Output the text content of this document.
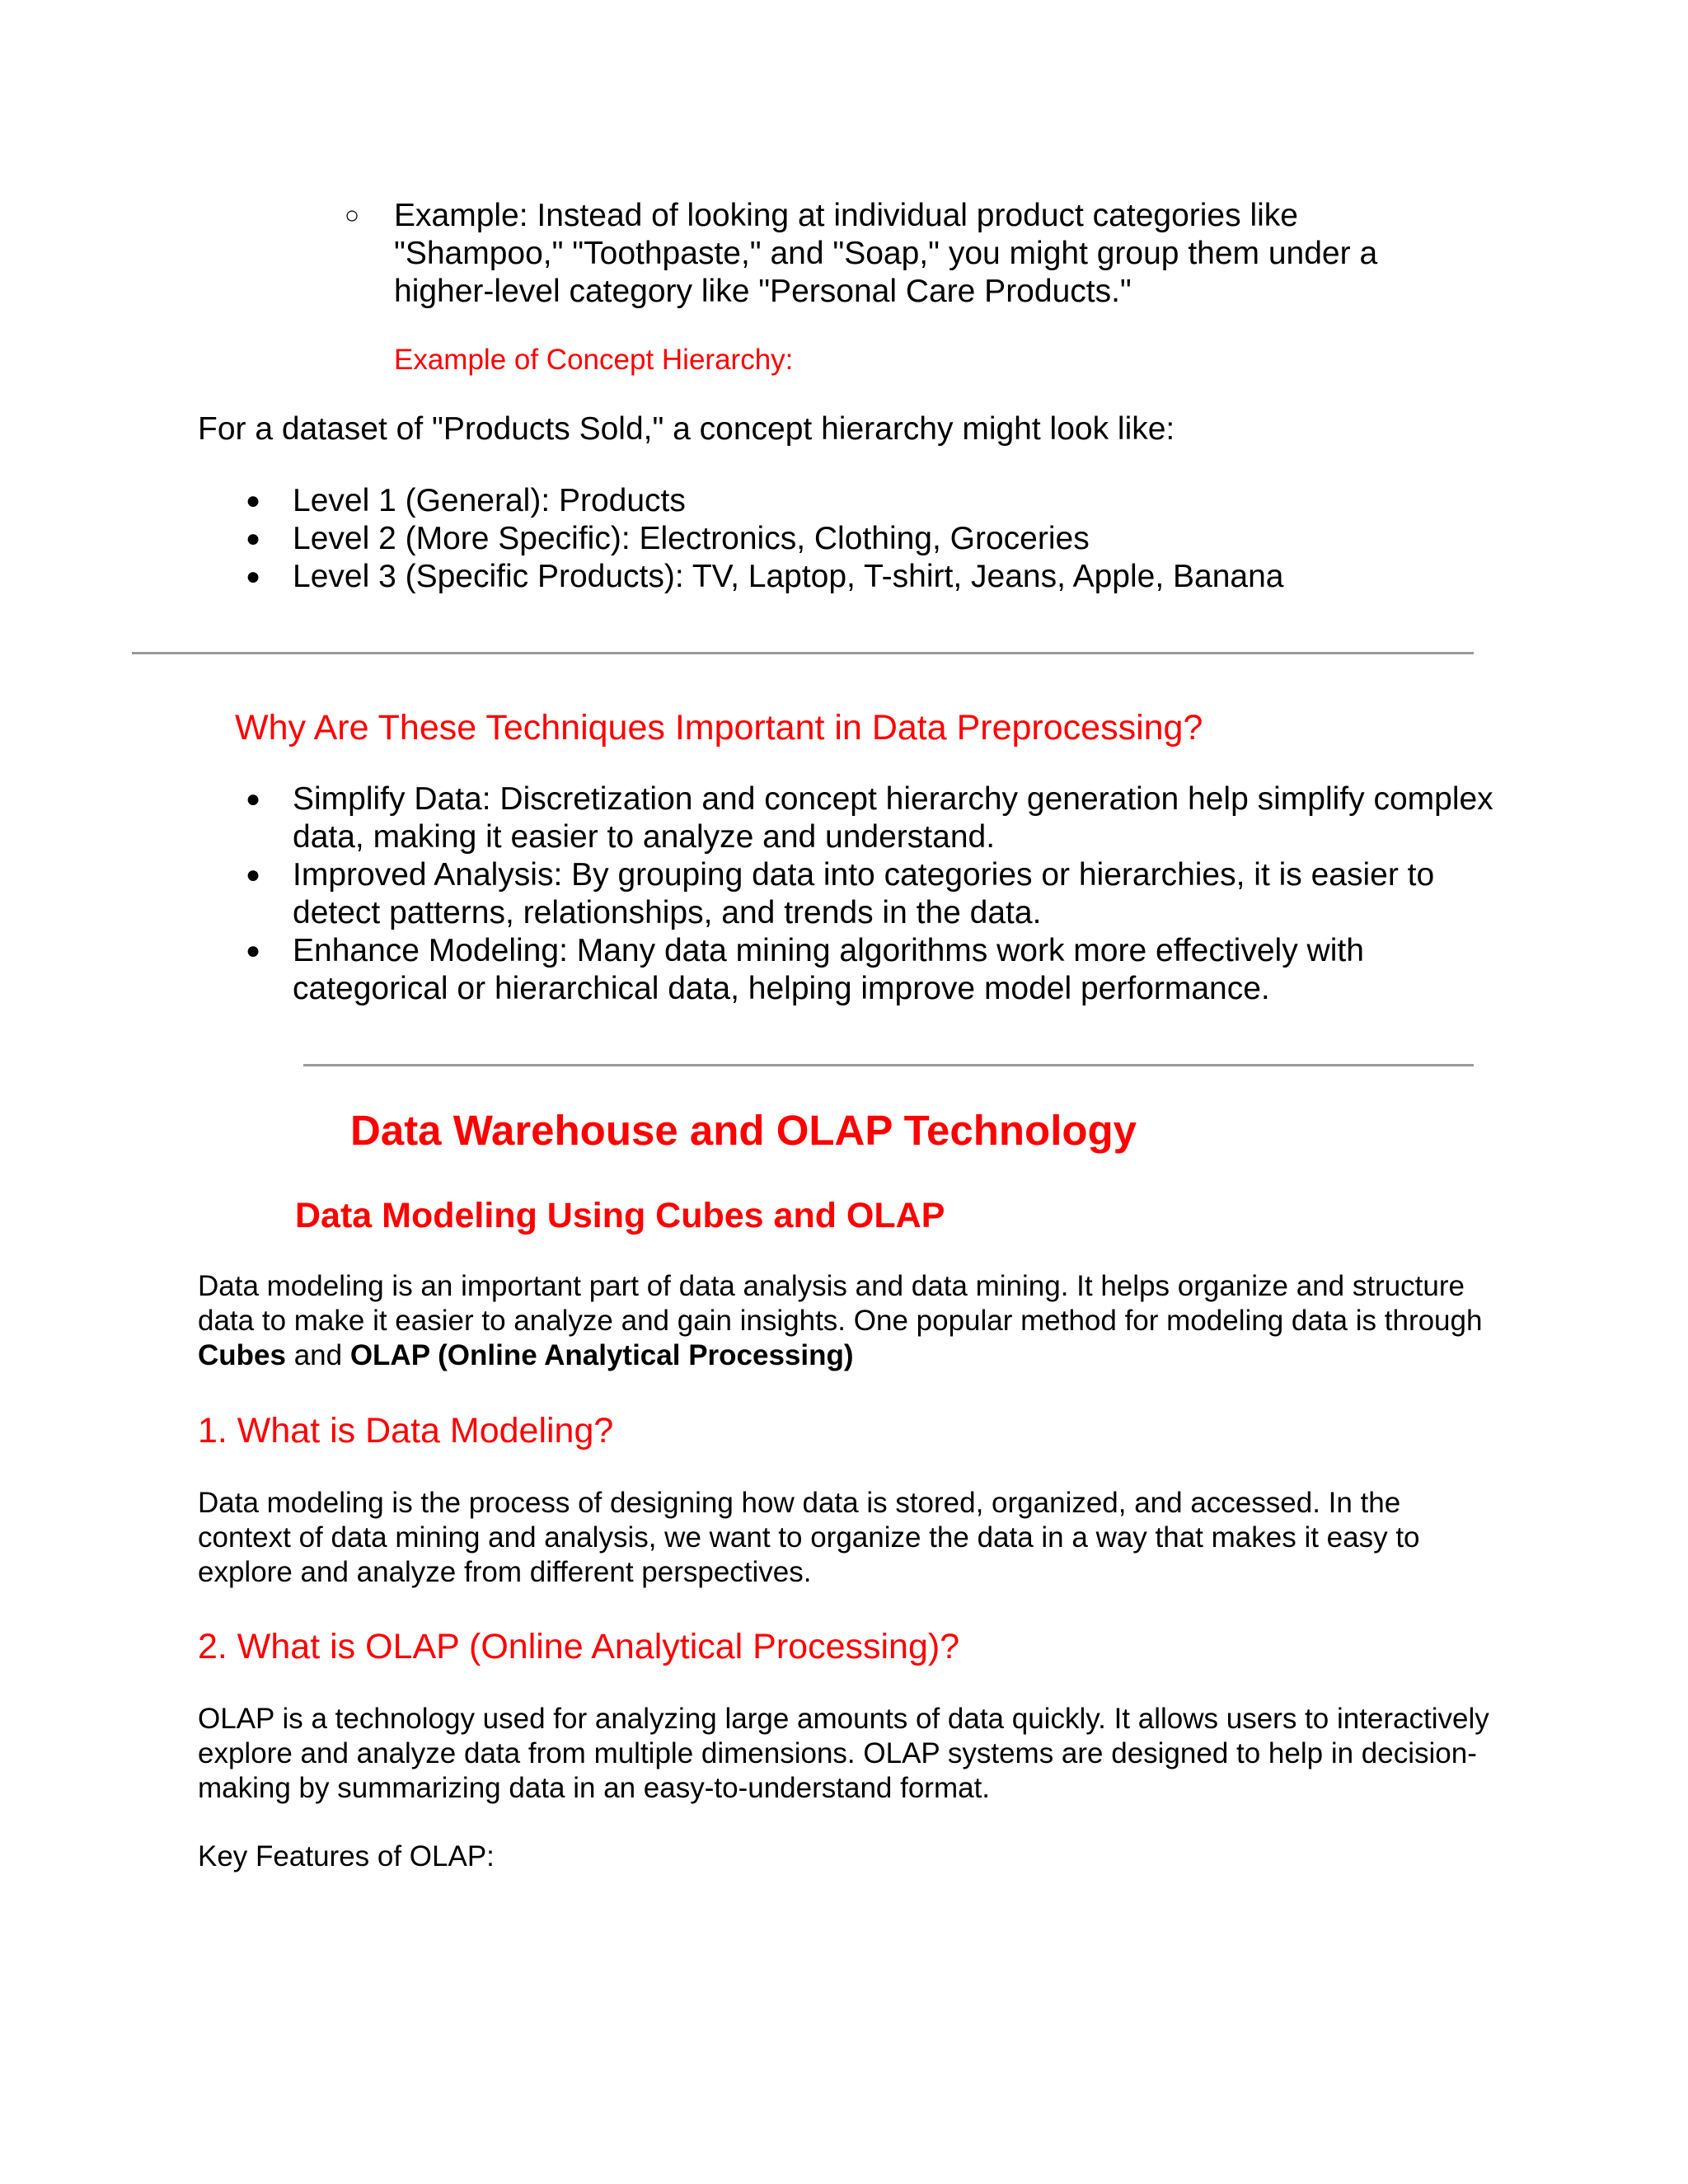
○ Example: Instead of looking at individual product categories like "Shampoo," "Toothpaste," and "Soap," you might group them under a higher-level category like "Personal Care Products."

Example of Concept Hierarchy:

For a dataset of "Products Sold," a concept hierarchy might look like:

● Level 1 (General): Products

● Level 2 (More Specific): Electronics, Clothing, Groceries

● Level 3 (Specific Products): TV, Laptop, T-shirt, Jeans, Apple, Banana

Why Are These Techniques Important in Data Preprocessing?
● Simplify Data: Discretization and concept hierarchy generation help simplify complex data, making it easier to analyze and understand.

● Improved Analysis: By grouping data into categories or hierarchies, it is easier to detect patterns, relationships, and trends in the data.

● Enhance Modeling: Many data mining algorithms work more effectively with categorical or hierarchical data, helping improve model performance.

Data Warehouse and OLAP Technology
Data Modeling Using Cubes and OLAP

Data modeling is an important part of data analysis and data mining. It helps organize and structure data to make it easier to analyze and gain insights. One popular method for modeling data is through Cubes and OLAP (Online Analytical Processing)

1. What is Data Modeling?

Data modeling is the process of designing how data is stored, organized, and accessed. In the context of data mining and analysis, we want to organize the data in a way that makes it easy to explore and analyze from different perspectives.

2. What is OLAP (Online Analytical Processing)?

OLAP is a technology used for analyzing large amounts of data quickly. It allows users to interactively explore and analyze data from multiple dimensions. OLAP systems are designed to help in decision-making by summarizing data in an easy-to-understand format.

Key Features of OLAP:
